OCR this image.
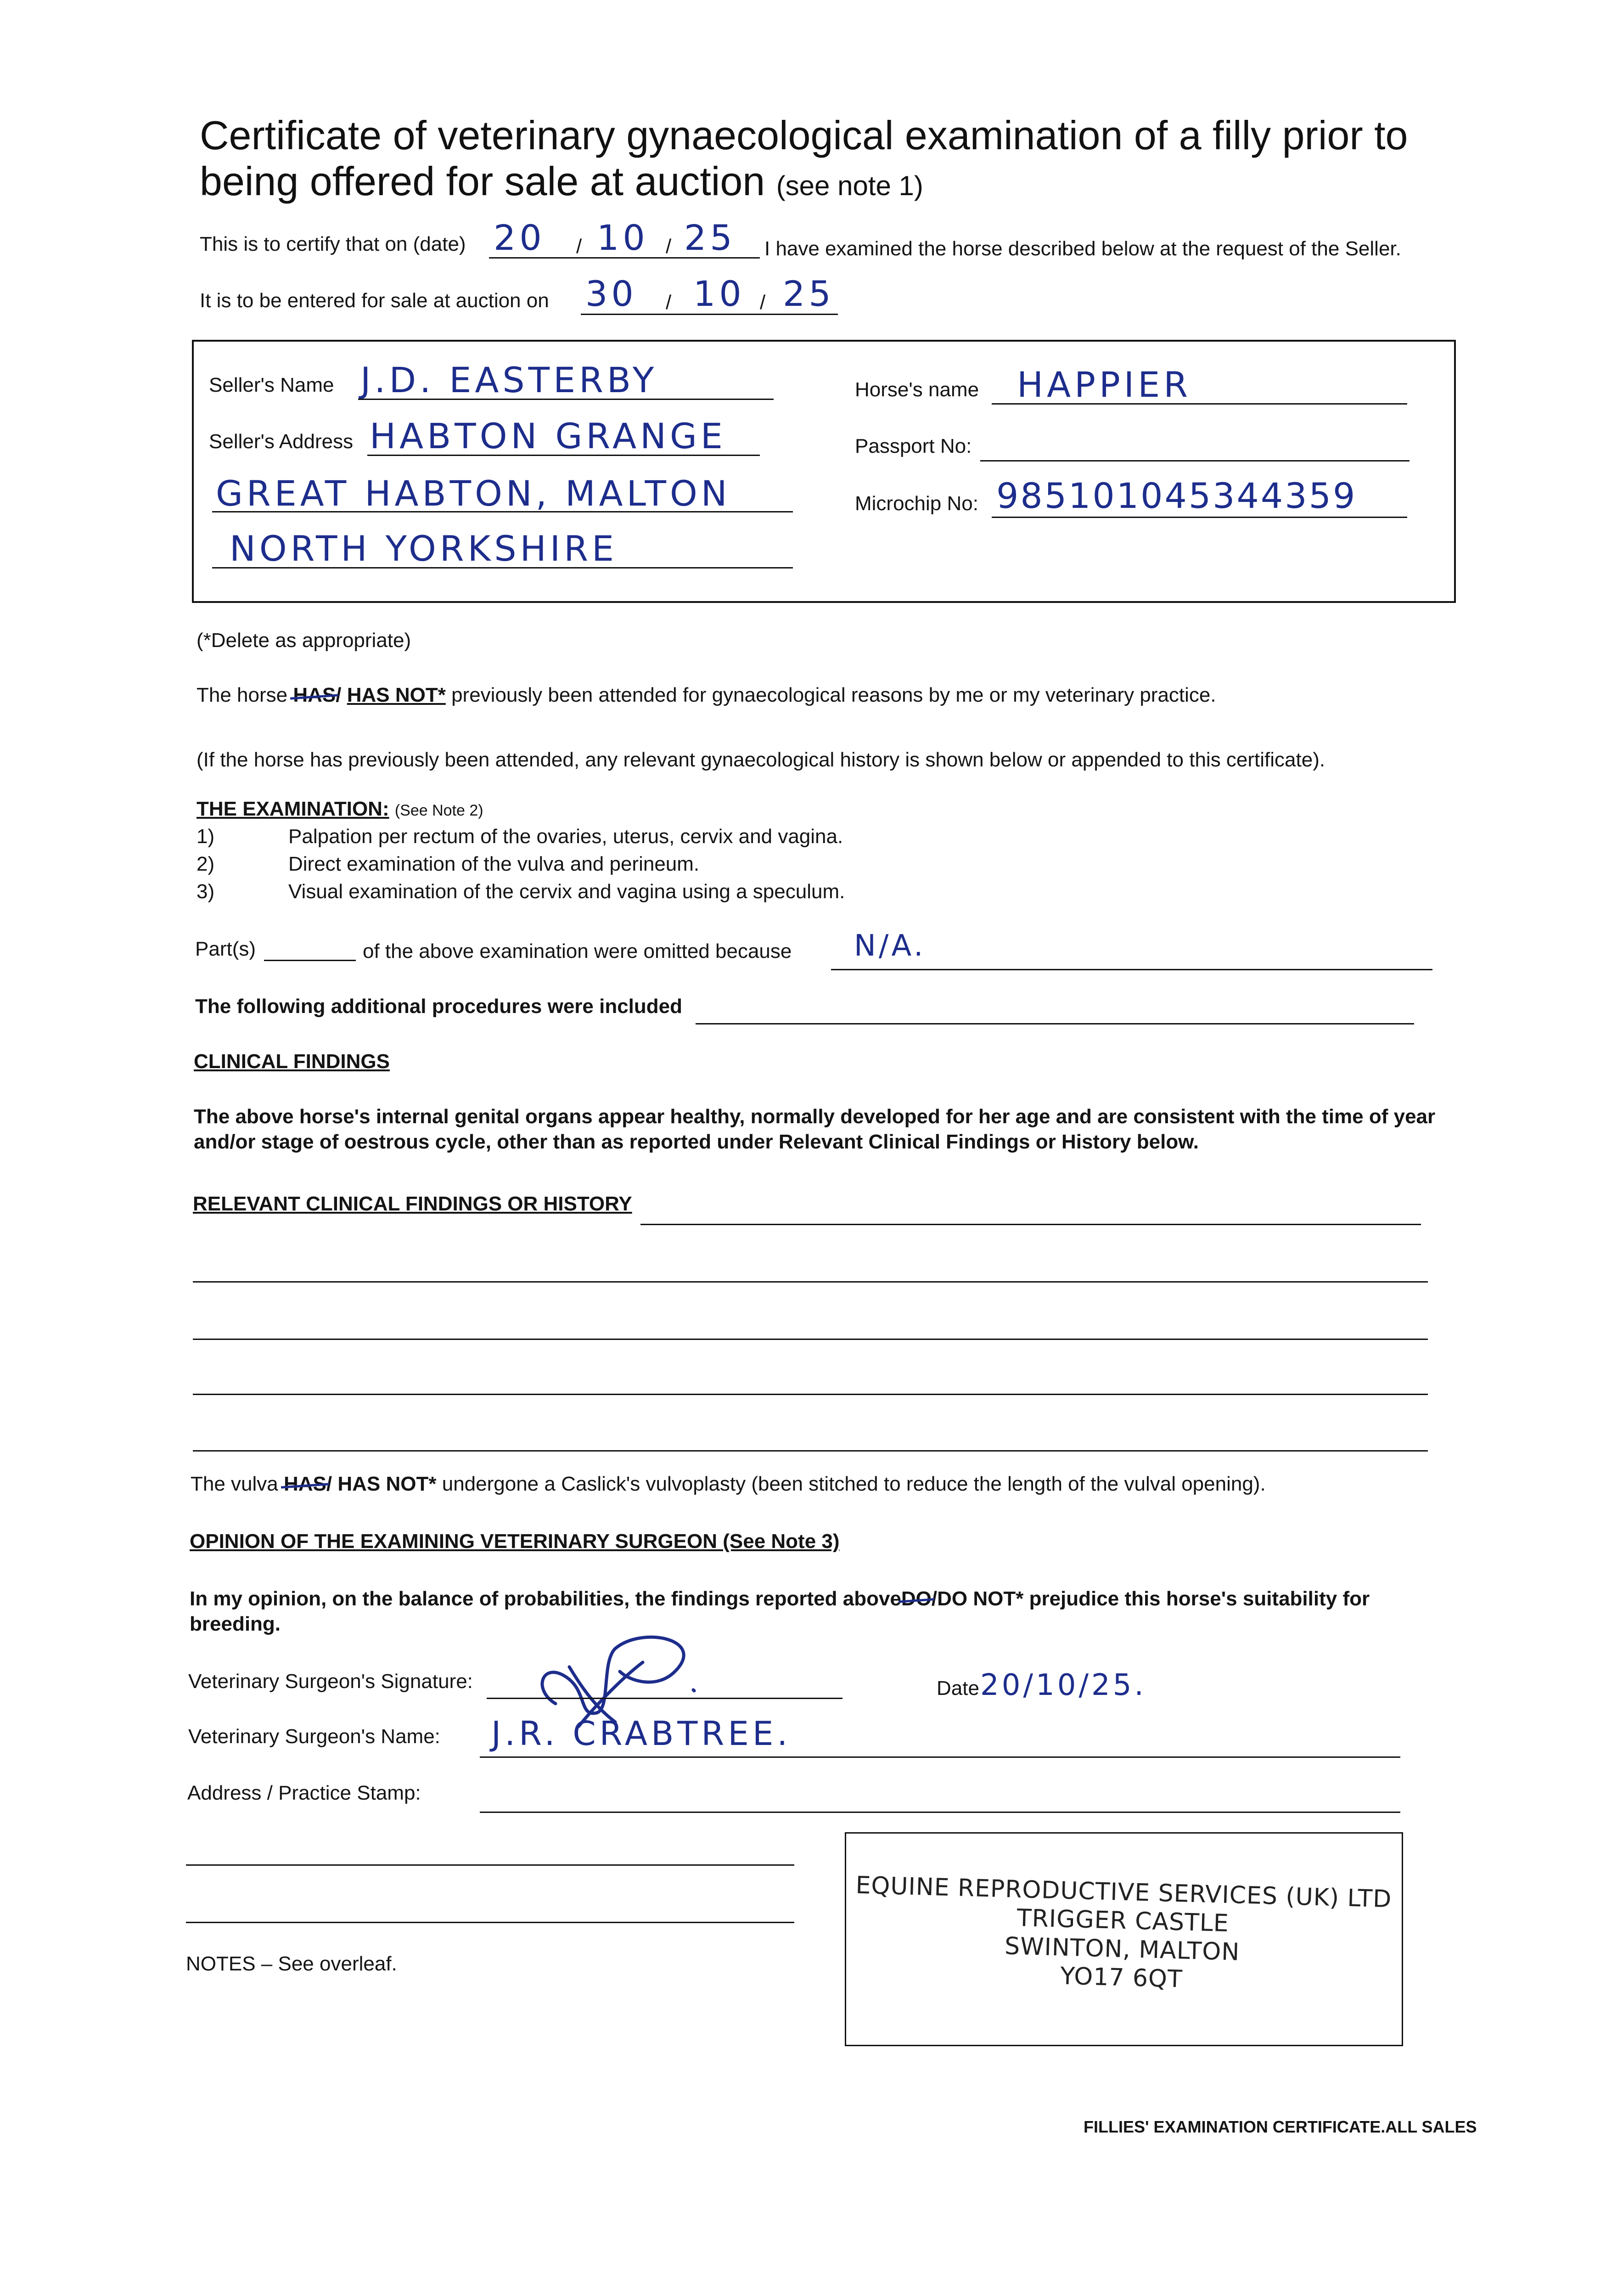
Certificate of veterinary gynaecological examination of a filly prior to
being offered for sale at auction (see note 1)
This is to certify that on (date) 20 / 10 / 25 I have examined the horse described below at the request of the Seller.
It is to be entered for sale at auction on 30 / 10 / 25
Seller's Name J.D. EASTERBY
Seller's Address HABTON GRANGE
GREAT HABTON, MALTON
NORTH YORKSHIRE
Horse's name HAPPIER
Passport No:
Microchip No: 985101045344359
(*Delete as appropriate)
The horse HAS/ HAS NOT* previously been attended for gynaecological reasons by me or my veterinary practice.
(If the horse has previously been attended, any relevant gynaecological history is shown below or appended to this certificate).
THE EXAMINATION: (See Note 2)
1)	Palpation per rectum of the ovaries, uterus, cervix and vagina.
2)	Direct examination of the vulva and perineum.
3)	Visual examination of the cervix and vagina using a speculum.
Part(s)	of the above examination were omitted because N/A.
The following additional procedures were included
CLINICAL FINDINGS
The above horse's internal genital organs appear healthy, normally developed for her age and are consistent with the time of year
and/or stage of oestrous cycle, other than as reported under Relevant Clinical Findings or History below.
RELEVANT CLINICAL FINDINGS OR HISTORY
The vulva HAS/ HAS NOT* undergone a Caslick's vulvoplasty (been stitched to reduce the length of the vulval opening).
OPINION OF THE EXAMINING VETERINARY SURGEON (See Note 3)
In my opinion, on the balance of probabilities, the findings reported aboveDO/DO NOT* prejudice this horse's suitability for
breeding.
Veterinary Surgeon's Signature:	Date 20/10/25.
Veterinary Surgeon's Name: J.R. CRABTREE.
Address / Practice Stamp:
NOTES – See overleaf.
EQUINE REPRODUCTIVE SERVICES (UK) LTD
TRIGGER CASTLE
SWINTON, MALTON
YO17 6QT
FILLIES' EXAMINATION CERTIFICATE.ALL SALES
